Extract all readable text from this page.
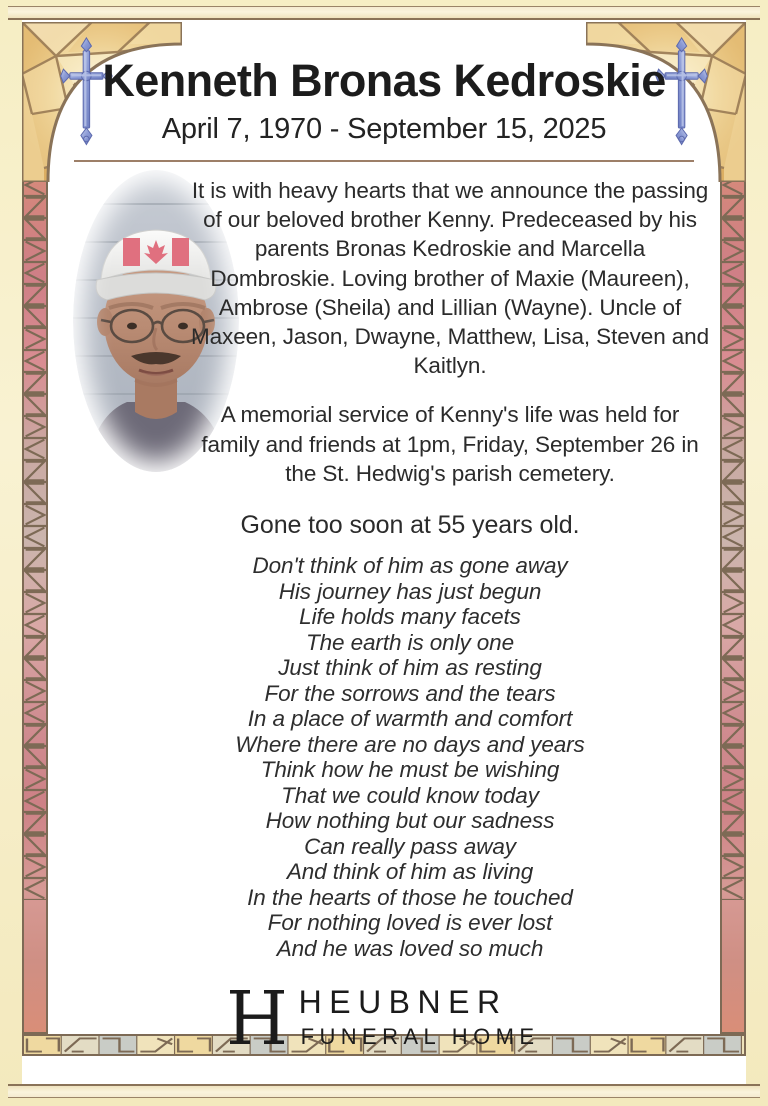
Kenneth Bronas Kedroskie
April 7, 1970 - September 15, 2025

It is with heavy hearts that we announce the passing of our beloved brother Kenny. Predeceased by his parents Bronas Kedroskie and Marcella Dombroskie. Loving brother of Maxie (Maureen), Ambrose (Sheila) and Lillian (Wayne). Uncle of Maxeen, Jason, Dwayne, Matthew, Lisa, Steven and Kaitlyn.

A memorial service of Kenny's life was held for family and friends at 1pm, Friday, September 26 in the St. Hedwig's parish cemetery.

Gone too soon at 55 years old.
Don't think of him as gone away
His journey has just begun
Life holds many facets
The earth is only one
Just think of him as resting
For the sorrows and the tears
In a place of warmth and comfort
Where there are no days and years
Think how he must be wishing
That we could know today
How nothing but our sadness
Can really pass away
And think of him as living
In the hearts of those he touched
For nothing loved is ever lost
And he was loved so much
HEUBNER
FUNERAL HOME
